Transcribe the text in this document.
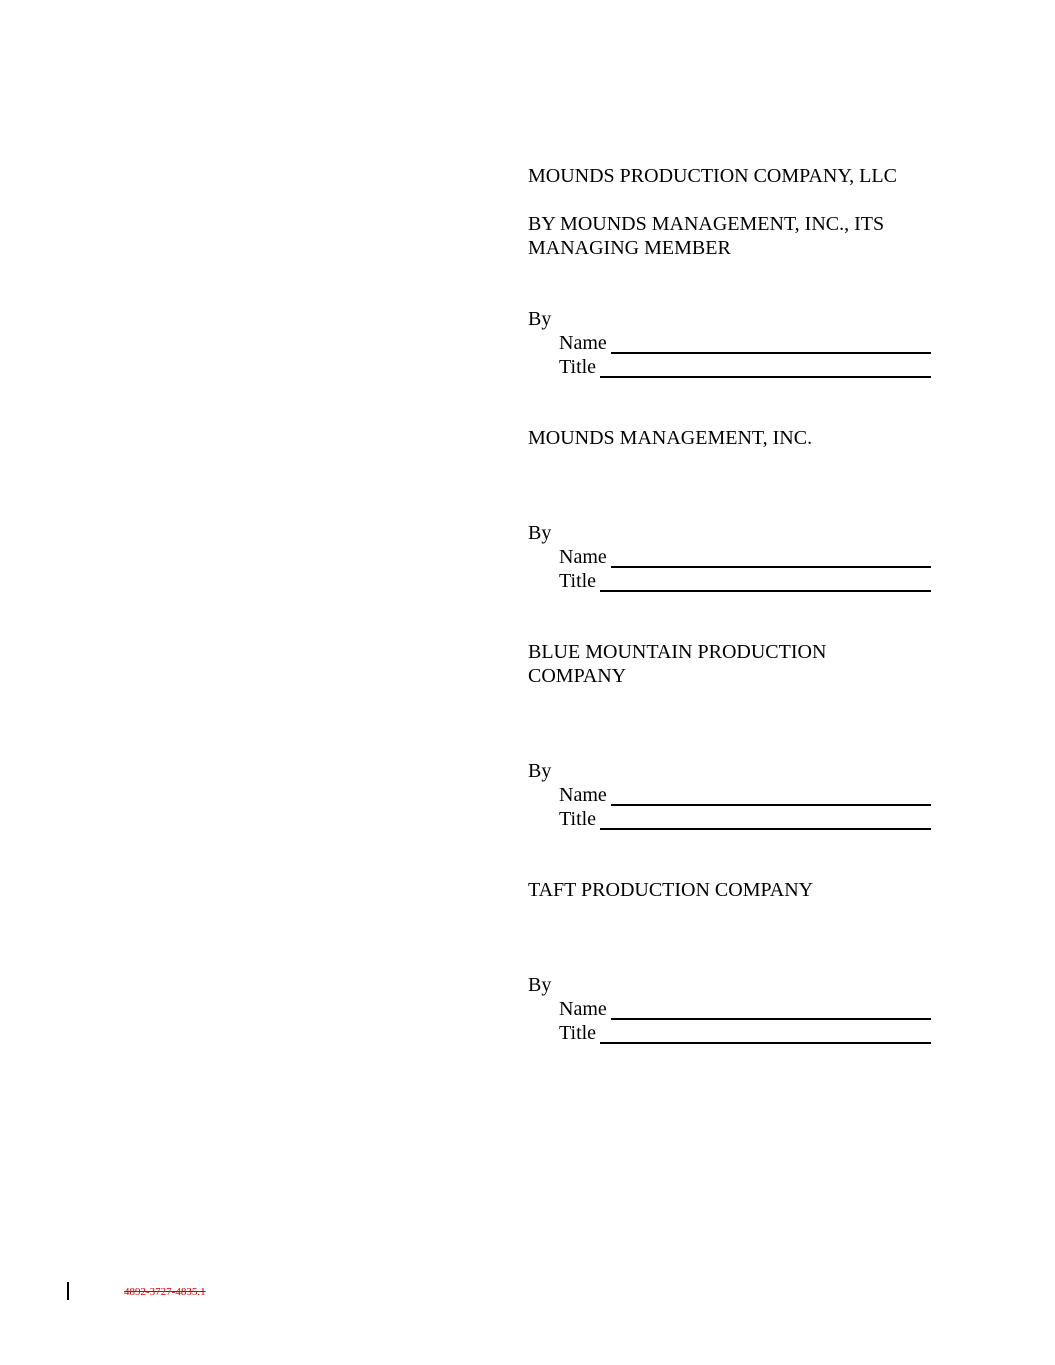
MOUNDS PRODUCTION COMPANY, LLC

BY MOUNDS MANAGEMENT, INC., ITS
MANAGING MEMBER

By
Name
Title

MOUNDS MANAGEMENT, INC.

By
Name
Title

BLUE MOUNTAIN PRODUCTION
COMPANY

By
Name
Title

TAFT PRODUCTION COMPANY

By
Name
Title
4892-3727-4835.1
